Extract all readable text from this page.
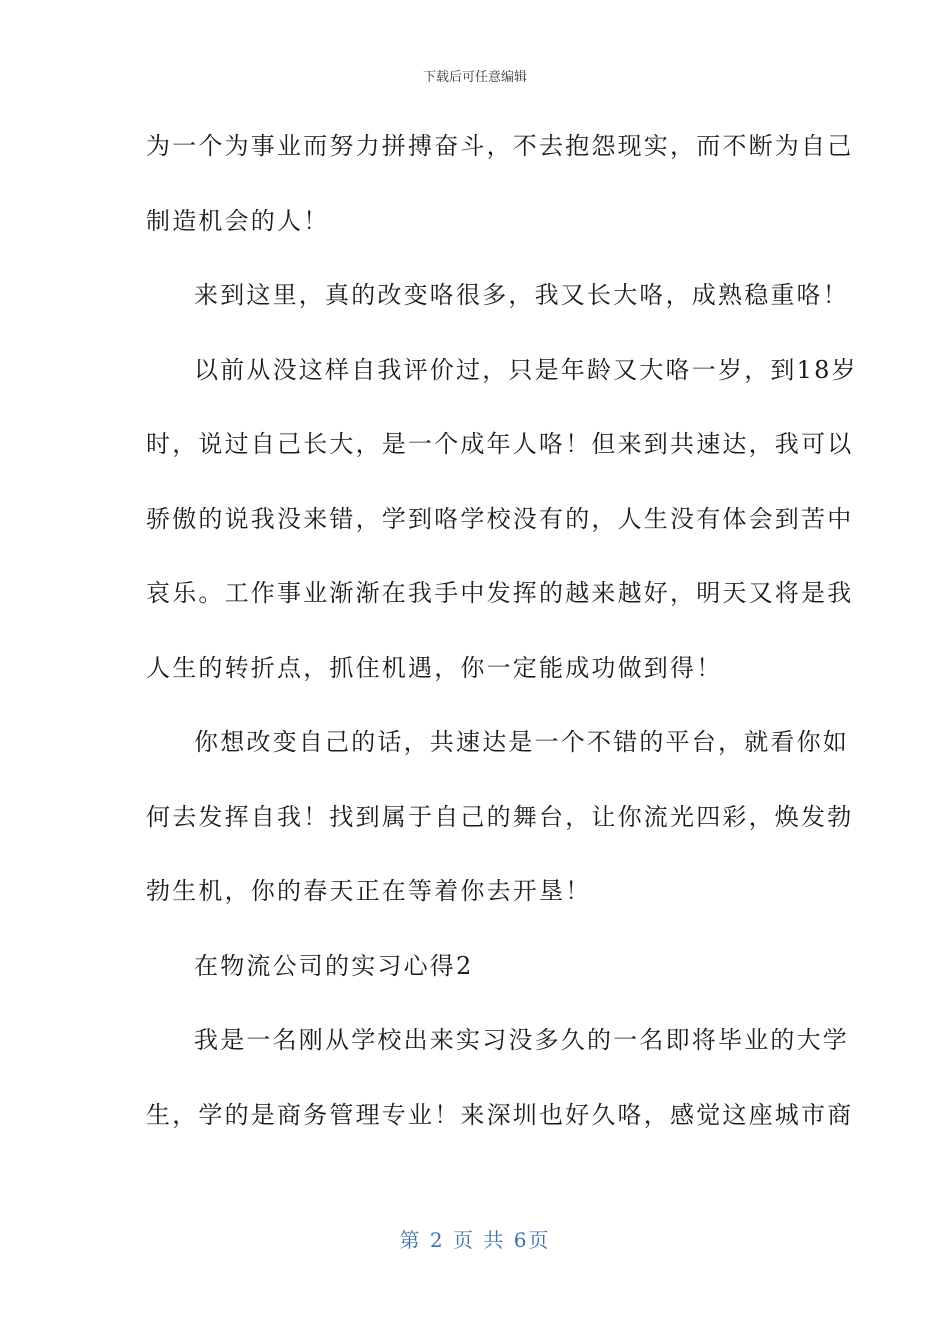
下载后可任意编辑
为一个为事业而努力拼搏奋斗，不去抱怨现实，而不断为自己
制造机会的人！
来到这里，真的改变咯很多，我又长大咯，成熟稳重咯！
以前从没这样自我评价过，只是年龄又大咯一岁，到18岁
时，说过自己长大，是一个成年人咯！但来到共速达，我可以
骄傲的说我没来错，学到咯学校没有的，人生没有体会到苦中
哀乐。工作事业渐渐在我手中发挥的越来越好，明天又将是我
人生的转折点，抓住机遇，你一定能成功做到得！
你想改变自己的话，共速达是一个不错的平台，就看你如
何去发挥自我！找到属于自己的舞台，让你流光四彩，焕发勃
勃生机，你的春天正在等着你去开垦！
在物流公司的实习心得2
我是一名刚从学校出来实习没多久的一名即将毕业的大学
生，学的是商务管理专业！来深圳也好久咯，感觉这座城市商
第 2 页 共 6页
